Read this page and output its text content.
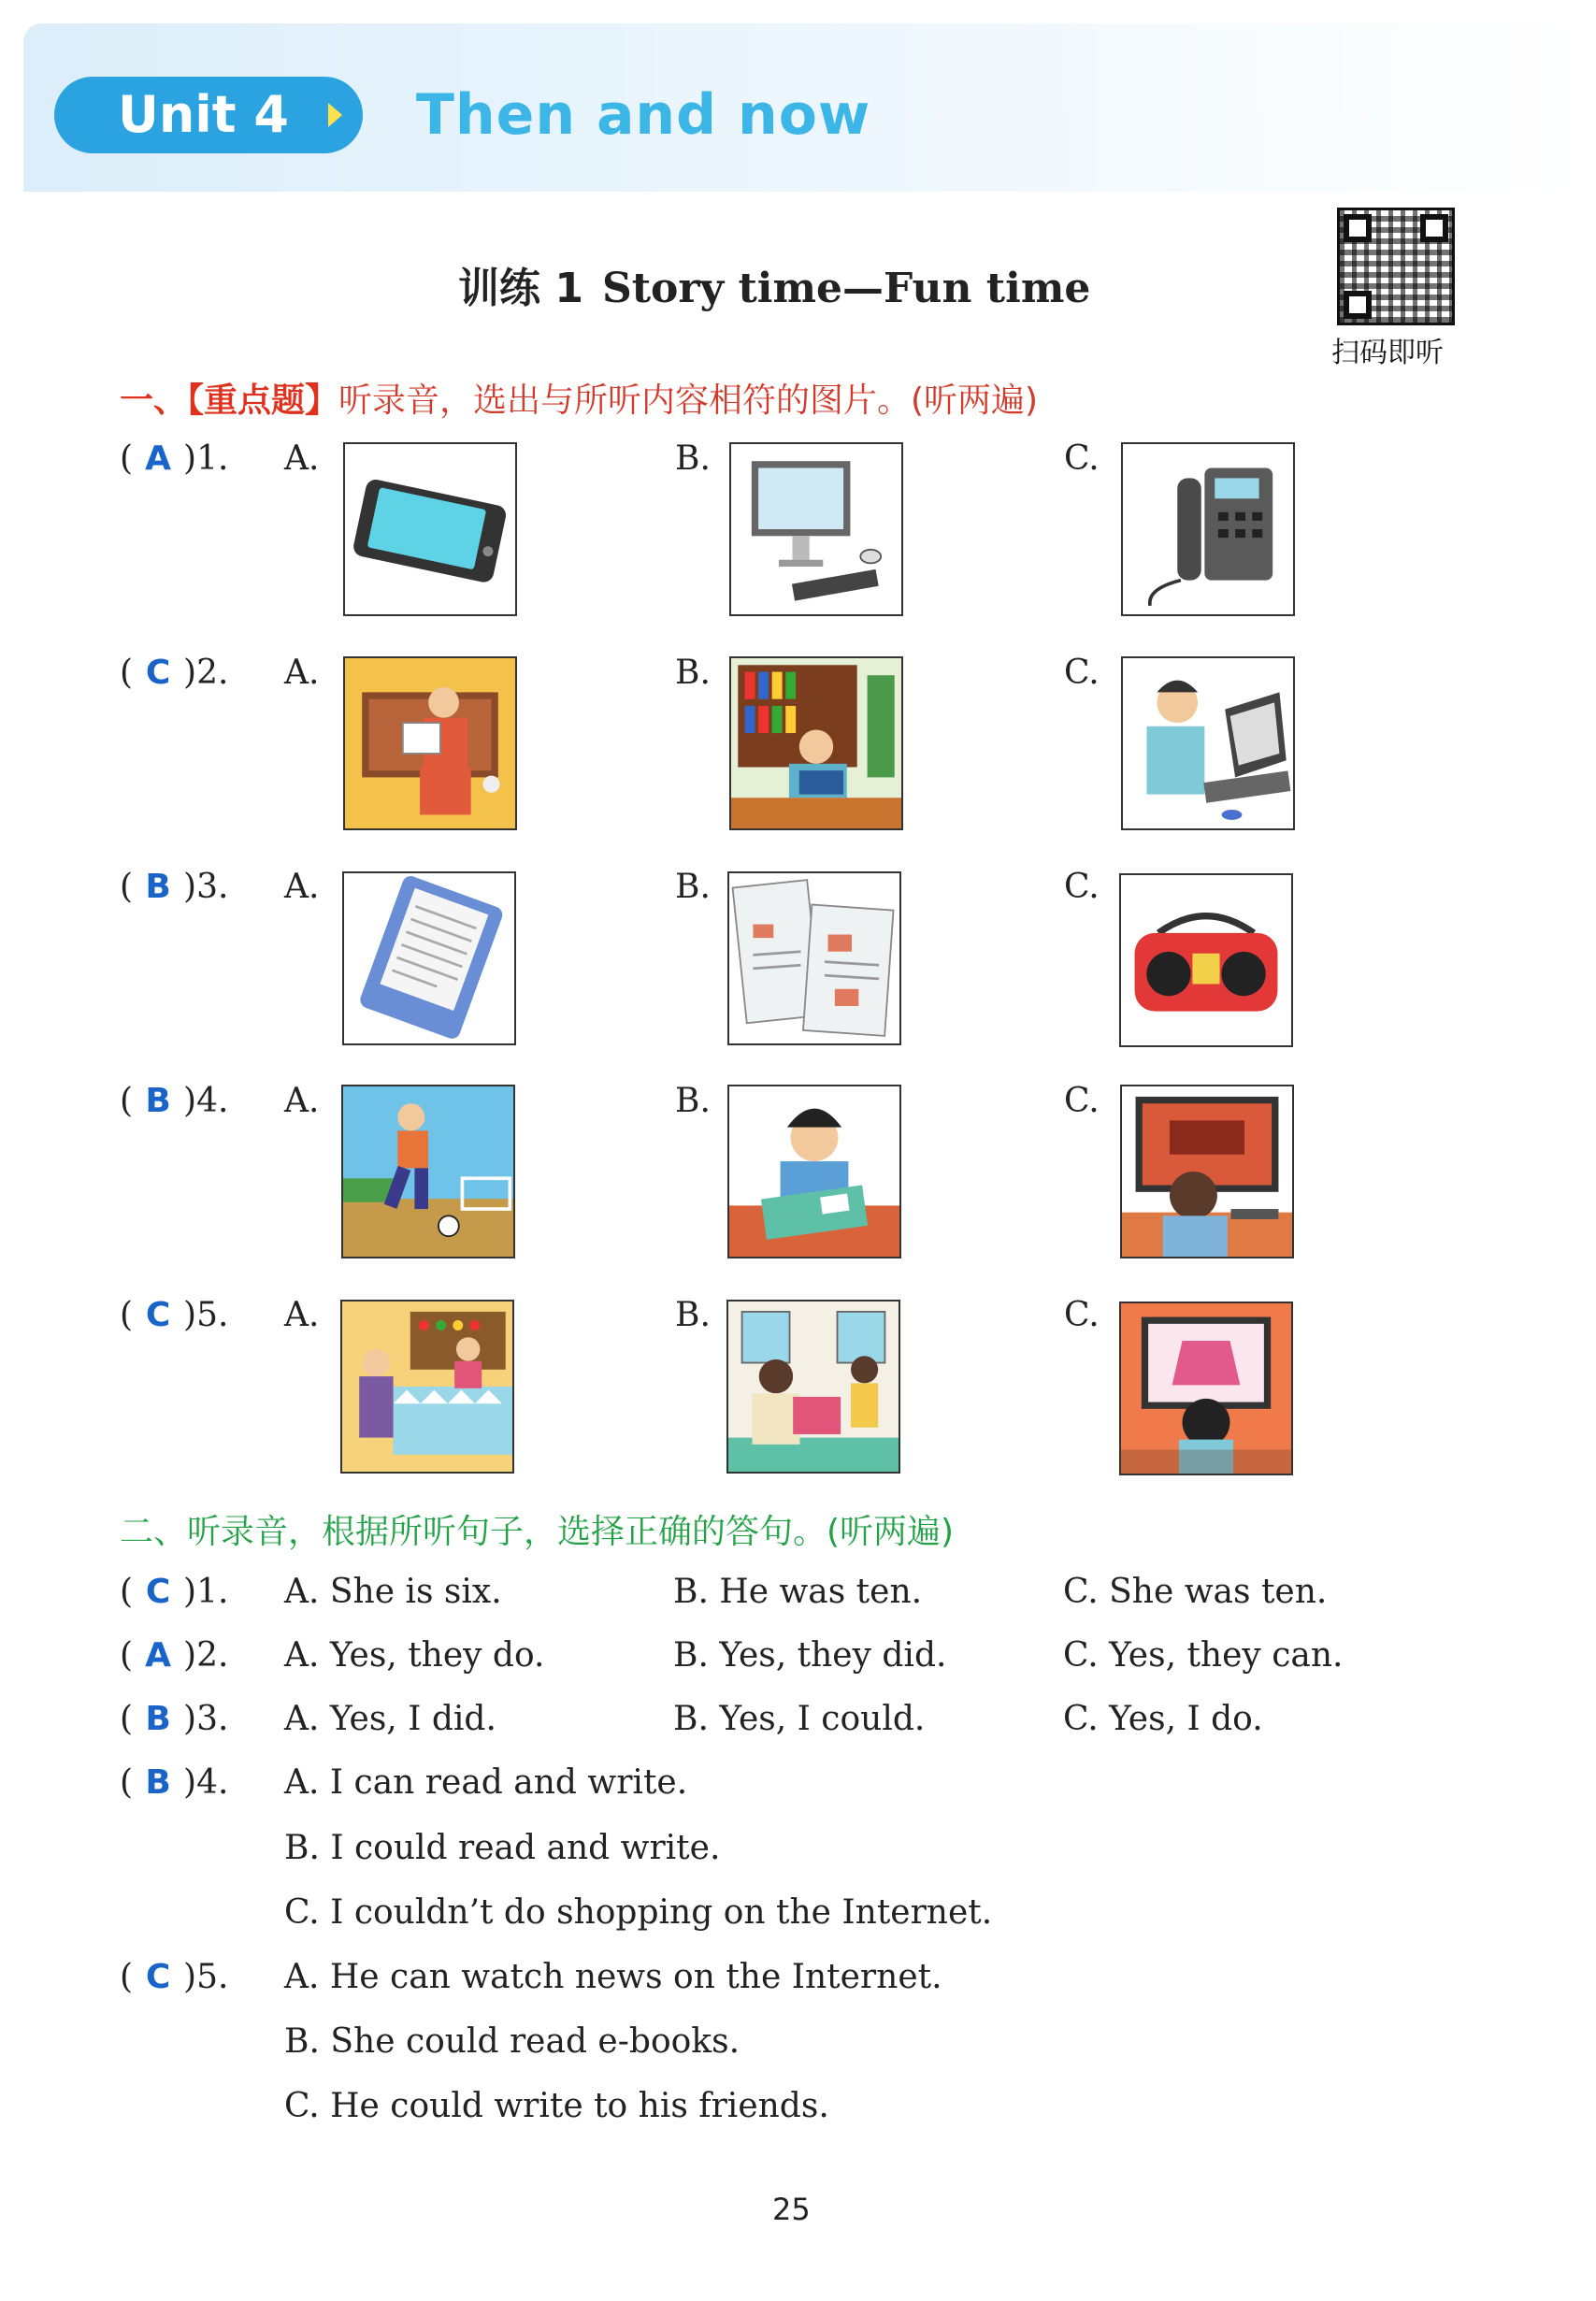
Unit 4	Then and now
训练 1 Story time—Fun time
扫码即听
一、【重点题】听录音，选出与所听内容相符的图片。(听两遍)
( A )1. A.	B.	C.
( C )2. A.	B.	C.
( B )3. A.	B.	C.
( B )4. A.	B.	C.
( C )5. A.	B.	C.
二、听录音，根据所听句子，选择正确的答句。(听两遍)
( C )1. A. She is six.	B. He was ten.	C. She was ten.
( A )2. A. Yes, they do.	B. Yes, they did.	C. Yes, they can.
( B )3. A. Yes, I did.	B. Yes, I could.	C. Yes, I do.
( B )4. A. I can read and write.
B. I could read and write.
C. I couldn’t do shopping on the Internet.
( C )5. A. He can watch news on the Internet.
B. She could read e-books.
C. He could write to his friends.
25
